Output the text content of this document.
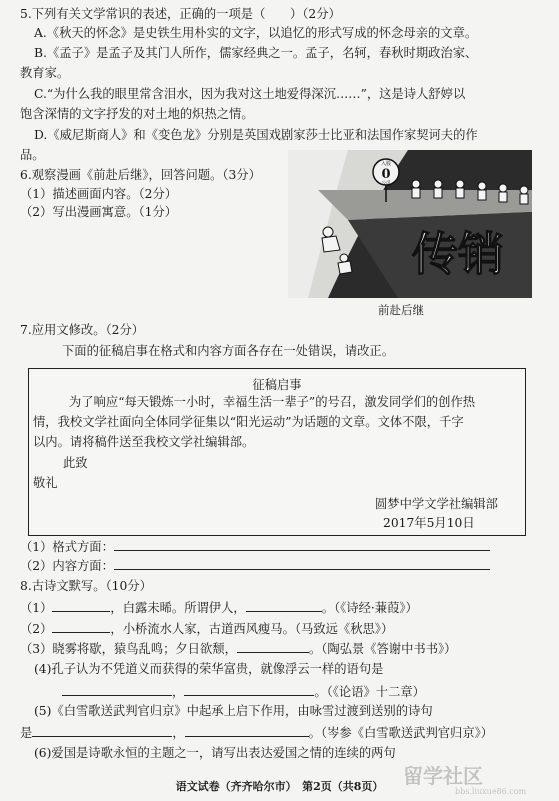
5.下列有关文学常识的表述，正确的一项是（　　）（2分）
A.《秋天的怀念》是史铁生用朴实的文字，以追忆的形式写成的怀念母亲的文章。
B.《孟子》是孟子及其门人所作，儒家经典之一。孟子，名轲，春秋时期政治家、
教育家。
C.“为什么我的眼里常含泪水，因为我对这土地爱得深沉……”，这是诗人舒婷以
饱含深情的文字抒发的对土地的炽热之情。
D.《威尼斯商人》和《变色龙》分别是英国戏剧家莎士比亚和法国作家契诃夫的作
品。
6.观察漫画《前赴后继》，回答问题。（3分）
（1）描述画面内容。（2分）
（2）写出漫画寓意。（1分）
入股
0
公司
传销
前赴后继
7.应用文修改。（2分）
下面的征稿启事在格式和内容方面各存在一处错误，请改正。
征稿启事
为了响应“每天锻炼一小时，幸福生活一辈子”的号召，激发同学们的创作热
情，我校文学社面向全体同学征集以“阳光运动”为话题的文章。文体不限，千字
以内。请将稿件送至我校文学社编辑部。
此致
敬礼
圆梦中学文学社编辑部
2017年5月10日
（1）格式方面：
（2）内容方面：
8.古诗文默写。（10分）
（1）	，白露未晞。所谓伊人，	。（《诗经·蒹葭》）
（2）	，小桥流水人家，古道西风瘦马。（马致远《秋思》）
（3）晓雾将歇，猿鸟乱鸣；夕日欲颓，	。（陶弘景《答谢中书书》）
(4)孔子认为不凭道义而获得的荣华富贵，就像浮云一样的语句是
，	。（《论语》十二章）
(5)《白雪歌送武判官归京》中起承上启下作用，由咏雪过渡到送别的诗句
是	，	。（岑参《白雪歌送武判官归京》）
(6)爱国是诗歌永恒的主题之一，请写出表达爱国之情的连续的两句
语文试卷（齐齐哈尔市）　第2页（共8页） 留学社区
bbs.liuxue86.com
